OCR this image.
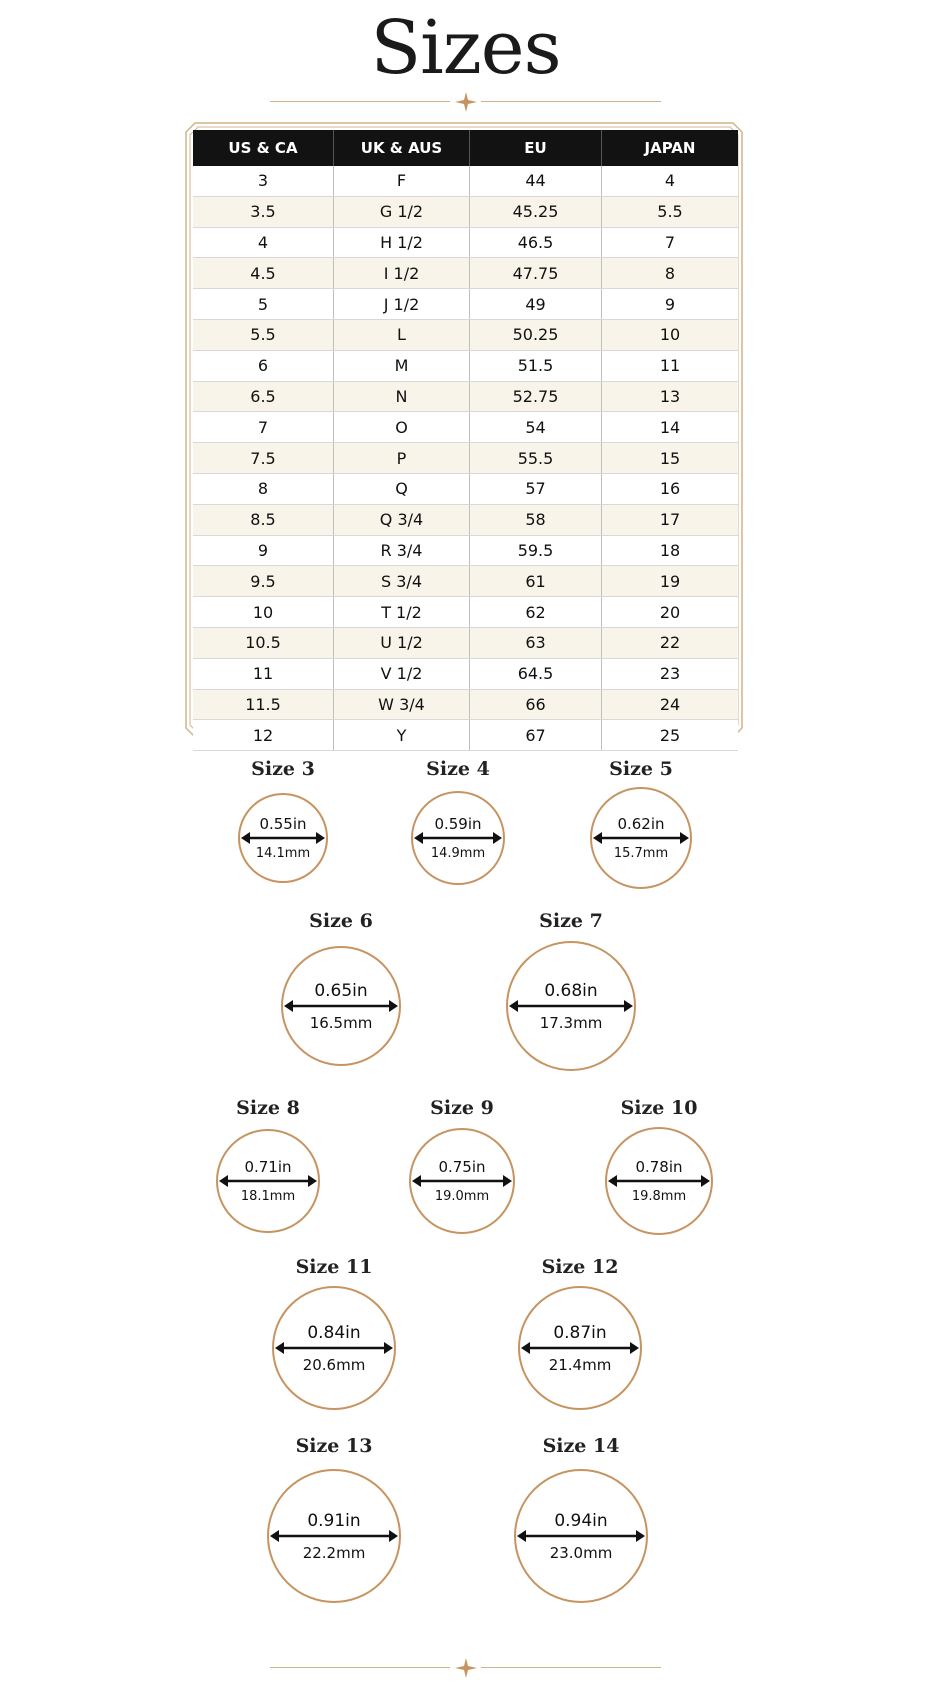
Sizes
US & CA	UK & AUS	EU	JAPAN
3	F	44	4
3.5	G 1/2	45.25	5.5
4	H 1/2	46.5	7
4.5	I 1/2	47.75	8
5	J 1/2	49	9
5.5	L	50.25	10
6	M	51.5	11
6.5	N	52.75	13
7	O	54	14
7.5	P	55.5	15
8	Q	57	16
8.5	Q 3/4	58	17
9	R 3/4	59.5	18
9.5	S 3/4	61	19
10	T 1/2	62	20
10.5	U 1/2	63	22
11	V 1/2	64.5	23
11.5	W 3/4	66	24
12	Y	67	25
Size 3
0.55in
14.1mm
Size 4
0.59in
14.9mm
Size 5
0.62in
15.7mm
Size 6
0.65in
16.5mm
Size 7
0.68in
17.3mm
Size 8
0.71in
18.1mm
Size 9
0.75in
19.0mm
Size 10
0.78in
19.8mm
Size 11
0.84in
20.6mm
Size 12
0.87in
21.4mm
Size 13
0.91in
22.2mm
Size 14
0.94in
23.0mm
